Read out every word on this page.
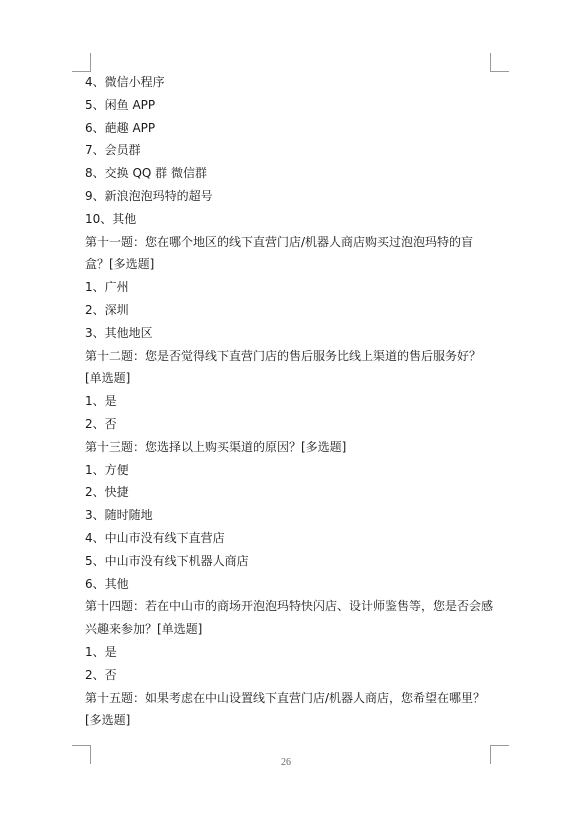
4、微信小程序
5、闲鱼 APP
6、葩趣 APP
7、会员群
8、交换 QQ 群 微信群
9、新浪泡泡玛特的超号
10、其他
第十一题：您在哪个地区的线下直营门店/机器人商店购买过泡泡玛特的盲盒？[多选题]
1、广州
2、深圳
3、其他地区
第十二题：您是否觉得线下直营门店的售后服务比线上渠道的售后服务好？[单选题]
1、是
2、否
第十三题：您选择以上购买渠道的原因？[多选题]
1、方便
2、快捷
3、随时随地
4、中山市没有线下直营店
5、中山市没有线下机器人商店
6、其他
第十四题：若在中山市的商场开泡泡玛特快闪店、设计师鉴售等，您是否会感兴趣来参加？[单选题]
1、是
2、否
第十五题：如果考虑在中山设置线下直营门店/机器人商店，您希望在哪里？[多选题]
26
